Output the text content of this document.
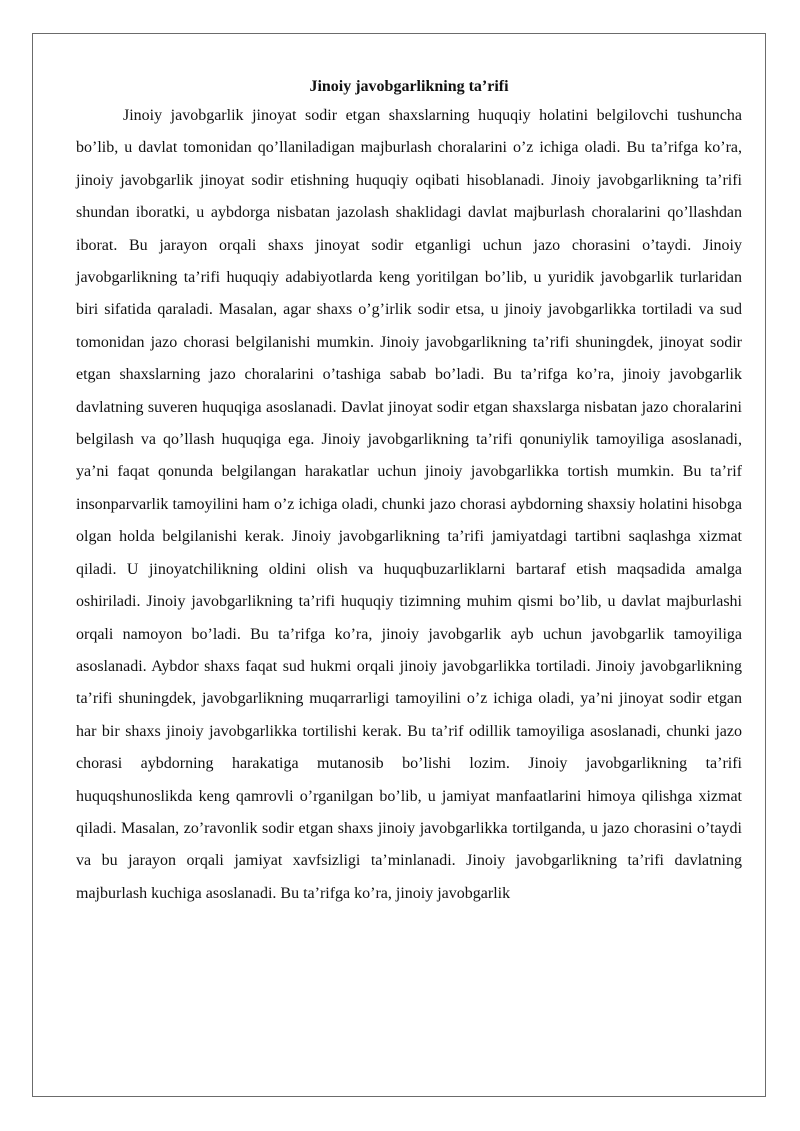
Jinoiy javobgarlikning ta’rifi

Jinoiy javobgarlik jinoyat sodir etgan shaxslarning huquqiy holatini belgilovchi tushuncha bo’lib, u davlat tomonidan qo’llaniladigan majburlash choralarini o’z ichiga oladi. Bu ta’rifga ko’ra, jinoiy javobgarlik jinoyat sodir etishning huquqiy oqibati hisoblanadi. Jinoiy javobgarlikning ta’rifi shundan iboratki, u aybdorga nisbatan jazolash shaklidagi davlat majburlash choralarini qo’llashdan iborat. Bu jarayon orqali shaxs jinoyat sodir etganligi uchun jazo chorasini o’taydi. Jinoiy javobgarlikning ta’rifi huquqiy adabiyotlarda keng yoritilgan bo’lib, u yuridik javobgarlik turlaridan biri sifatida qaraladi. Masalan, agar shaxs o’g’irlik sodir etsa, u jinoiy javobgarlikka tortiladi va sud tomonidan jazo chorasi belgilanishi mumkin. Jinoiy javobgarlikning ta’rifi shuningdek, jinoyat sodir etgan shaxslarning jazo choralarini o’tashiga sabab bo’ladi. Bu ta’rifga ko’ra, jinoiy javobgarlik davlatning suveren huquqiga asoslanadi. Davlat jinoyat sodir etgan shaxslarga nisbatan jazo choralarini belgilash va qo’llash huquqiga ega. Jinoiy javobgarlikning ta’rifi qonuniylik tamoyiliga asoslanadi, ya’ni faqat qonunda belgilangan harakatlar uchun jinoiy javobgarlikka tortish mumkin. Bu ta’rif insonparvarlik tamoyilini ham o’z ichiga oladi, chunki jazo chorasi aybdorning shaxsiy holatini hisobga olgan holda belgilanishi kerak. Jinoiy javobgarlikning ta’rifi jamiyatdagi tartibni saqlashga xizmat qiladi. U jinoyatchilikning oldini olish va huquqbuzarliklarni bartaraf etish maqsadida amalga oshiriladi. Jinoiy javobgarlikning ta’rifi huquqiy tizimning muhim qismi bo’lib, u davlat majburlashi orqali namoyon bo’ladi. Bu ta’rifga ko’ra, jinoiy javobgarlik ayb uchun javobgarlik tamoyiliga asoslanadi. Aybdor shaxs faqat sud hukmi orqali jinoiy javobgarlikka tortiladi. Jinoiy javobgarlikning ta’rifi shuningdek, javobgarlikning muqarrarligi tamoyilini o’z ichiga oladi, ya’ni jinoyat sodir etgan har bir shaxs jinoiy javobgarlikka tortilishi kerak. Bu ta’rif odillik tamoyiliga asoslanadi, chunki jazo chorasi aybdorning harakatiga mutanosib bo’lishi lozim. Jinoiy javobgarlikning ta’rifi huquqshunoslikda keng qamrovli o’rganilgan bo’lib, u jamiyat manfaatlarini himoya qilishga xizmat qiladi. Masalan, zo’ravonlik sodir etgan shaxs jinoiy javobgarlikka tortilganda, u jazo chorasini o’taydi va bu jarayon orqali jamiyat xavfsizligi ta’minlanadi. Jinoiy javobgarlikning ta’rifi davlatning majburlash kuchiga asoslanadi. Bu ta’rifga ko’ra, jinoiy javobgarlik
